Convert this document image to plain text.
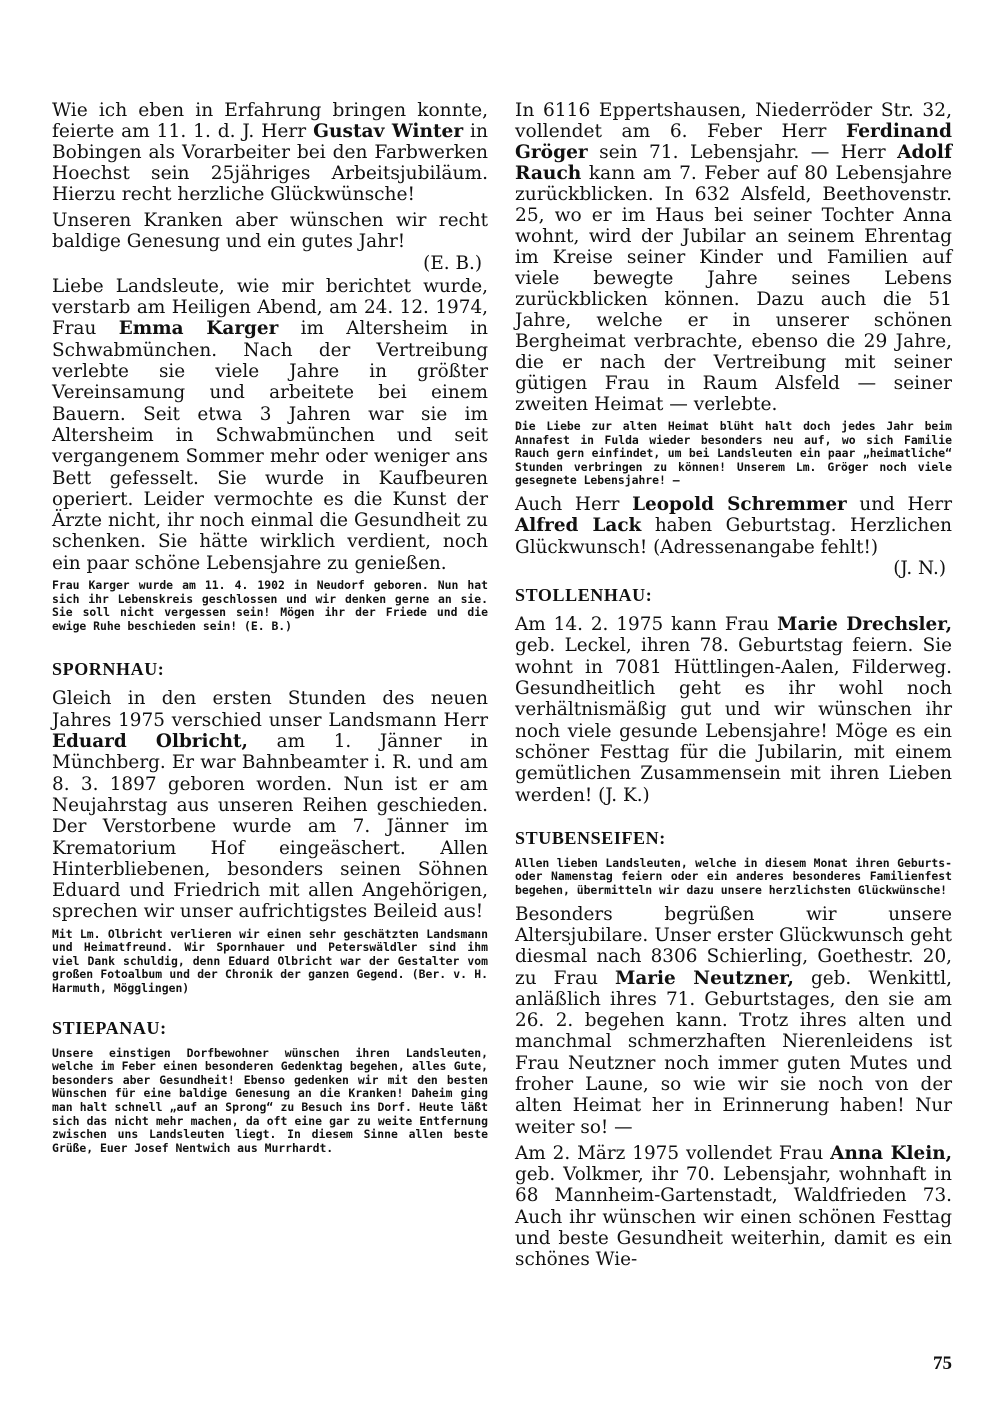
Wie ich eben in Erfahrung bringen konnte, feierte am 11. 1. d. J. Herr Gustav Winter in Bobingen als Vorarbeiter bei den Farbwerken Hoechst sein 25jähriges Arbeitsjubiläum. Hierzu recht herzliche Glückwünsche!

Unseren Kranken aber wünschen wir recht baldige Genesung und ein gutes Jahr!

(E. B.)

Liebe Landsleute, wie mir berichtet wurde, verstarb am Heiligen Abend, am 24. 12. 1974, Frau Emma Karger im Altersheim in Schwabmünchen. Nach der Vertreibung verlebte sie viele Jahre in größter Vereinsamung und arbeitete bei einem Bauern. Seit etwa 3 Jahren war sie im Altersheim in Schwabmünchen und seit vergangenem Sommer mehr oder weniger ans Bett gefesselt. Sie wurde in Kaufbeuren operiert. Leider vermochte es die Kunst der Ärzte nicht, ihr noch einmal die Gesundheit zu schenken. Sie hätte wirklich verdient, noch ein paar schöne Lebensjahre zu genießen.

Frau Karger wurde am 11. 4. 1902 in Neudorf geboren. Nun hat sich ihr Lebenskreis geschlossen und wir denken gerne an sie. Sie soll nicht vergessen sein! Mögen ihr der Friede und die ewige Ruhe beschieden sein! (E. B.)

SPORNHAU:

Gleich in den ersten Stunden des neuen Jahres 1975 verschied unser Landsmann Herr Eduard Olbricht, am 1. Jänner in Münchberg. Er war Bahnbeamter i. R. und am 8. 3. 1897 geboren worden. Nun ist er am Neujahrstag aus unseren Reihen geschieden. Der Verstorbene wurde am 7. Jänner im Krematorium Hof eingeäschert. Allen Hinterbliebenen, besonders seinen Söhnen Eduard und Friedrich mit allen Angehörigen, sprechen wir unser aufrichtigstes Beileid aus!

Mit Lm. Olbricht verlieren wir einen sehr geschätzten Landsmann und Heimatfreund. Wir Spornhauer und Peterswäldler sind ihm viel Dank schuldig, denn Eduard Olbricht war der Gestalter vom großen Fotoalbum und der Chronik der ganzen Gegend. (Ber. v. H. Harmuth, Mögglingen)

STIEPANAU:

Unsere einstigen Dorfbewohner wünschen ihren Landsleuten, welche im Feber einen besonderen Gedenktag begehen, alles Gute, besonders aber Gesundheit! Ebenso gedenken wir mit den besten Wünschen für eine baldige Genesung an die Kranken! Daheim ging man halt schnell „auf an Sprong“ zu Besuch ins Dorf. Heute läßt sich das nicht mehr machen, da oft eine gar zu weite Entfernung zwischen uns Landsleuten liegt. In diesem Sinne allen beste Grüße, Euer Josef Nentwich aus Murrhardt.

In 6116 Eppertshausen, Niederröder Str. 32, vollendet am 6. Feber Herr Ferdinand Gröger sein 71. Lebensjahr. — Herr Adolf Rauch kann am 7. Feber auf 80 Lebensjahre zurückblicken. In 632 Alsfeld, Beethovenstr. 25, wo er im Haus bei seiner Tochter Anna wohnt, wird der Jubilar an seinem Ehrentag im Kreise seiner Kinder und Familien auf viele bewegte Jahre seines Lebens zurückblicken können. Dazu auch die 51 Jahre, welche er in unserer schönen Bergheimat verbrachte, ebenso die 29 Jahre, die er nach der Vertreibung mit seiner gütigen Frau in Raum Alsfeld — seiner zweiten Heimat — verlebte.

Die Liebe zur alten Heimat blüht halt doch jedes Jahr beim Annafest in Fulda wieder besonders neu auf, wo sich Familie Rauch gern einfindet, um bei Landsleuten ein paar „heimatliche“ Stunden verbringen zu können! Unserem Lm. Gröger noch viele gesegnete Lebensjahre! —

Auch Herr Leopold Schremmer und Herr Alfred Lack haben Geburtstag. Herzlichen Glückwunsch! (Adressenangabe fehlt!)

(J. N.)

STOLLENHAU:

Am 14. 2. 1975 kann Frau Marie Drechsler, geb. Leckel, ihren 78. Geburtstag feiern. Sie wohnt in 7081 Hüttlingen-Aalen, Filderweg. Gesundheitlich geht es ihr wohl noch verhältnismäßig gut und wir wünschen ihr noch viele gesunde Lebensjahre! Möge es ein schöner Festtag für die Jubilarin, mit einem gemütlichen Zusammensein mit ihren Lieben werden! (J. K.)

STUBENSEIFEN:

Allen lieben Landsleuten, welche in diesem Monat ihren Geburts- oder Namenstag feiern oder ein anderes besonderes Familienfest begehen, übermitteln wir dazu unsere herzlichsten Glückwünsche!

Besonders begrüßen wir unsere Altersjubilare. Unser erster Glückwunsch geht diesmal nach 8306 Schierling, Goethestr. 20, zu Frau Marie Neutzner, geb. Wenkittl, anläßlich ihres 71. Geburtstages, den sie am 26. 2. begehen kann. Trotz ihres alten und manchmal schmerzhaften Nierenleidens ist Frau Neutzner noch immer guten Mutes und froher Laune, so wie wir sie noch von der alten Heimat her in Erinnerung haben! Nur weiter so! —

Am 2. März 1975 vollendet Frau Anna Klein, geb. Volkmer, ihr 70. Lebensjahr, wohnhaft in 68 Mannheim-Gartenstadt, Waldfrieden 73. Auch ihr wünschen wir einen schönen Festtag und beste Gesundheit weiterhin, damit es ein schönes Wie-

75
